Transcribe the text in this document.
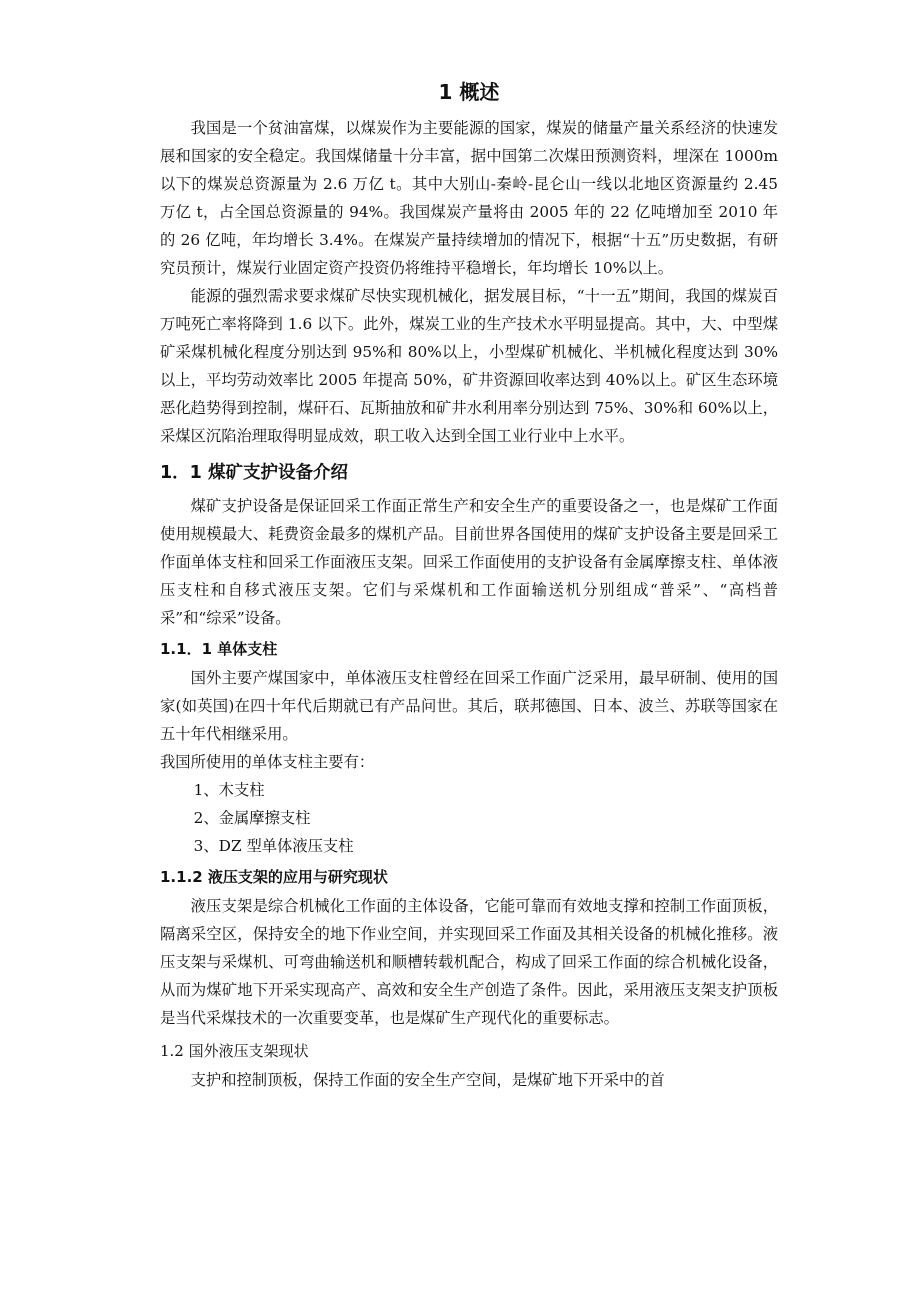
1 概述

我国是一个贫油富煤，以煤炭作为主要能源的国家，煤炭的储量产量关系经济的快速发展和国家的安全稳定。我国煤储量十分丰富，据中国第二次煤田预测资料，埋深在 1000m 以下的煤炭总资源量为 2.6 万亿 t。其中大别山-秦岭-昆仑山一线以北地区资源量约 2.45 万亿 t，占全国总资源量的 94%。我国煤炭产量将由 2005 年的 22 亿吨增加至 2010 年的 26 亿吨，年均增长 3.4%。在煤炭产量持续增加的情况下，根据“十五”历史数据，有研究员预计，煤炭行业固定资产投资仍将维持平稳增长，年均增长 10%以上。

能源的强烈需求要求煤矿尽快实现机械化，据发展目标，“十一五”期间，我国的煤炭百万吨死亡率将降到 1.6 以下。此外，煤炭工业的生产技术水平明显提高。其中，大、中型煤矿采煤机械化程度分别达到 95%和 80%以上，小型煤矿机械化、半机械化程度达到 30%以上，平均劳动效率比 2005 年提高 50%，矿井资源回收率达到 40%以上。矿区生态环境恶化趋势得到控制，煤矸石、瓦斯抽放和矿井水利用率分别达到 75%、30%和 60%以上，采煤区沉陷治理取得明显成效，职工收入达到全国工业行业中上水平。

1．1 煤矿支护设备介绍

煤矿支护设备是保证回采工作面正常生产和安全生产的重要设备之一，也是煤矿工作面使用规模最大、耗费资金最多的煤机产品。目前世界各国使用的煤矿支护设备主要是回采工作面单体支柱和回采工作面液压支架。回采工作面使用的支护设备有金属摩擦支柱、单体液压支柱和自移式液压支架。它们与采煤机和工作面输送机分别组成“普采”、“高档普采”和“综采”设备。

1.1．1 单体支柱

国外主要产煤国家中，单体液压支柱曾经在回采工作面广泛采用，最早研制、使用的国家(如英国)在四十年代后期就已有产品问世。其后，联邦德国、日本、波兰、苏联等国家在五十年代相继采用。

我国所使用的单体支柱主要有：

1、木支柱
2、金属摩擦支柱
3、DZ 型单体液压支柱
1.1.2 液压支架的应用与研究现状

液压支架是综合机械化工作面的主体设备，它能可靠而有效地支撑和控制工作面顶板，隔离采空区，保持安全的地下作业空间，并实现回采工作面及其相关设备的机械化推移。液压支架与采煤机、可弯曲输送机和顺槽转载机配合，构成了回采工作面的综合机械化设备，从而为煤矿地下开采实现高产、高效和安全生产创造了条件。因此，采用液压支架支护顶板是当代采煤技术的一次重要变革，也是煤矿生产现代化的重要标志。

1.2 国外液压支架现状

支护和控制顶板，保持工作面的安全生产空间，是煤矿地下开采中的首
